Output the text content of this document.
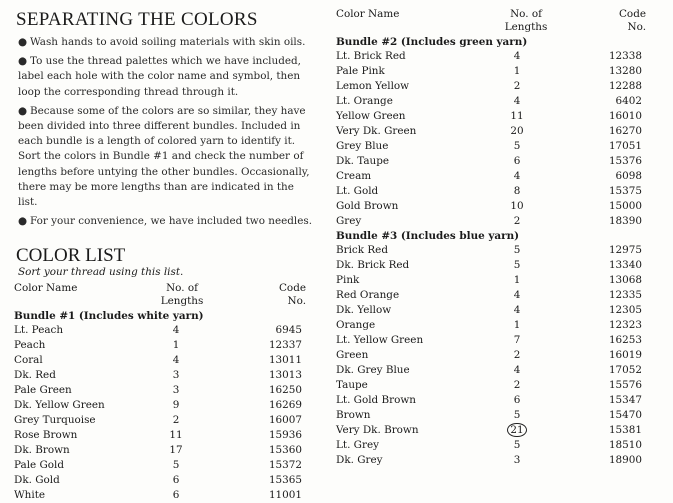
SEPARATING THE COLORS

● Wash hands to avoid soiling materials with skin oils.

● To use the thread palettes which we have included, label each hole with the color name and symbol, then loop the corresponding thread through it.

● Because some of the colors are so similar, they have been divided into three different bundles. Included in each bundle is a length of colored yarn to identify it. Sort the colors in Bundle #1 and check the number of lengths before untying the other bundles. Occasionally, there may be more lengths than are indicated in the list.

● For your convenience, we have included two needles.

COLOR LIST
Sort your thread using this list.
Color Name	No. of Lengths
Code No.
Bundle #1 (Includes white yarn)
Lt. Peach	4	6945
Peach	1	12337
Coral	4	13011
Dk. Red	3	13013
Pale Green	3	16250
Dk. Yellow Green	9	16269
Grey Turquoise	2	16007
Rose Brown	11	15936
Dk. Brown	17	15360
Pale Gold	5	15372
Dk. Gold	6	15365
White	6	11001
Color Name	No. of Lengths
Code No.
Bundle #2 (Includes green yarn)
Lt. Brick Red	4	12338
Pale Pink	1	13280
Lemon Yellow	2	12288
Lt. Orange	4	6402
Yellow Green	11	16010
Very Dk. Green	20	16270
Grey Blue	5	17051
Dk. Taupe	6	15376
Cream	4	6098
Lt. Gold	8	15375
Gold Brown	10	15000
Grey	2	18390
Bundle #3 (Includes blue yarn)
Brick Red	5	12975
Dk. Brick Red	5	13340
Pink	1	13068
Red Orange	4	12335
Dk. Yellow	4	12305
Orange	1	12323
Lt. Yellow Green	7	16253
Green	2	16019
Dk. Grey Blue	4	17052
Taupe	2	15576
Lt. Gold Brown	6	15347
Brown	5	15470
Very Dk. Brown	21	15381
Lt. Grey	5	18510
Dk. Grey	3	18900
